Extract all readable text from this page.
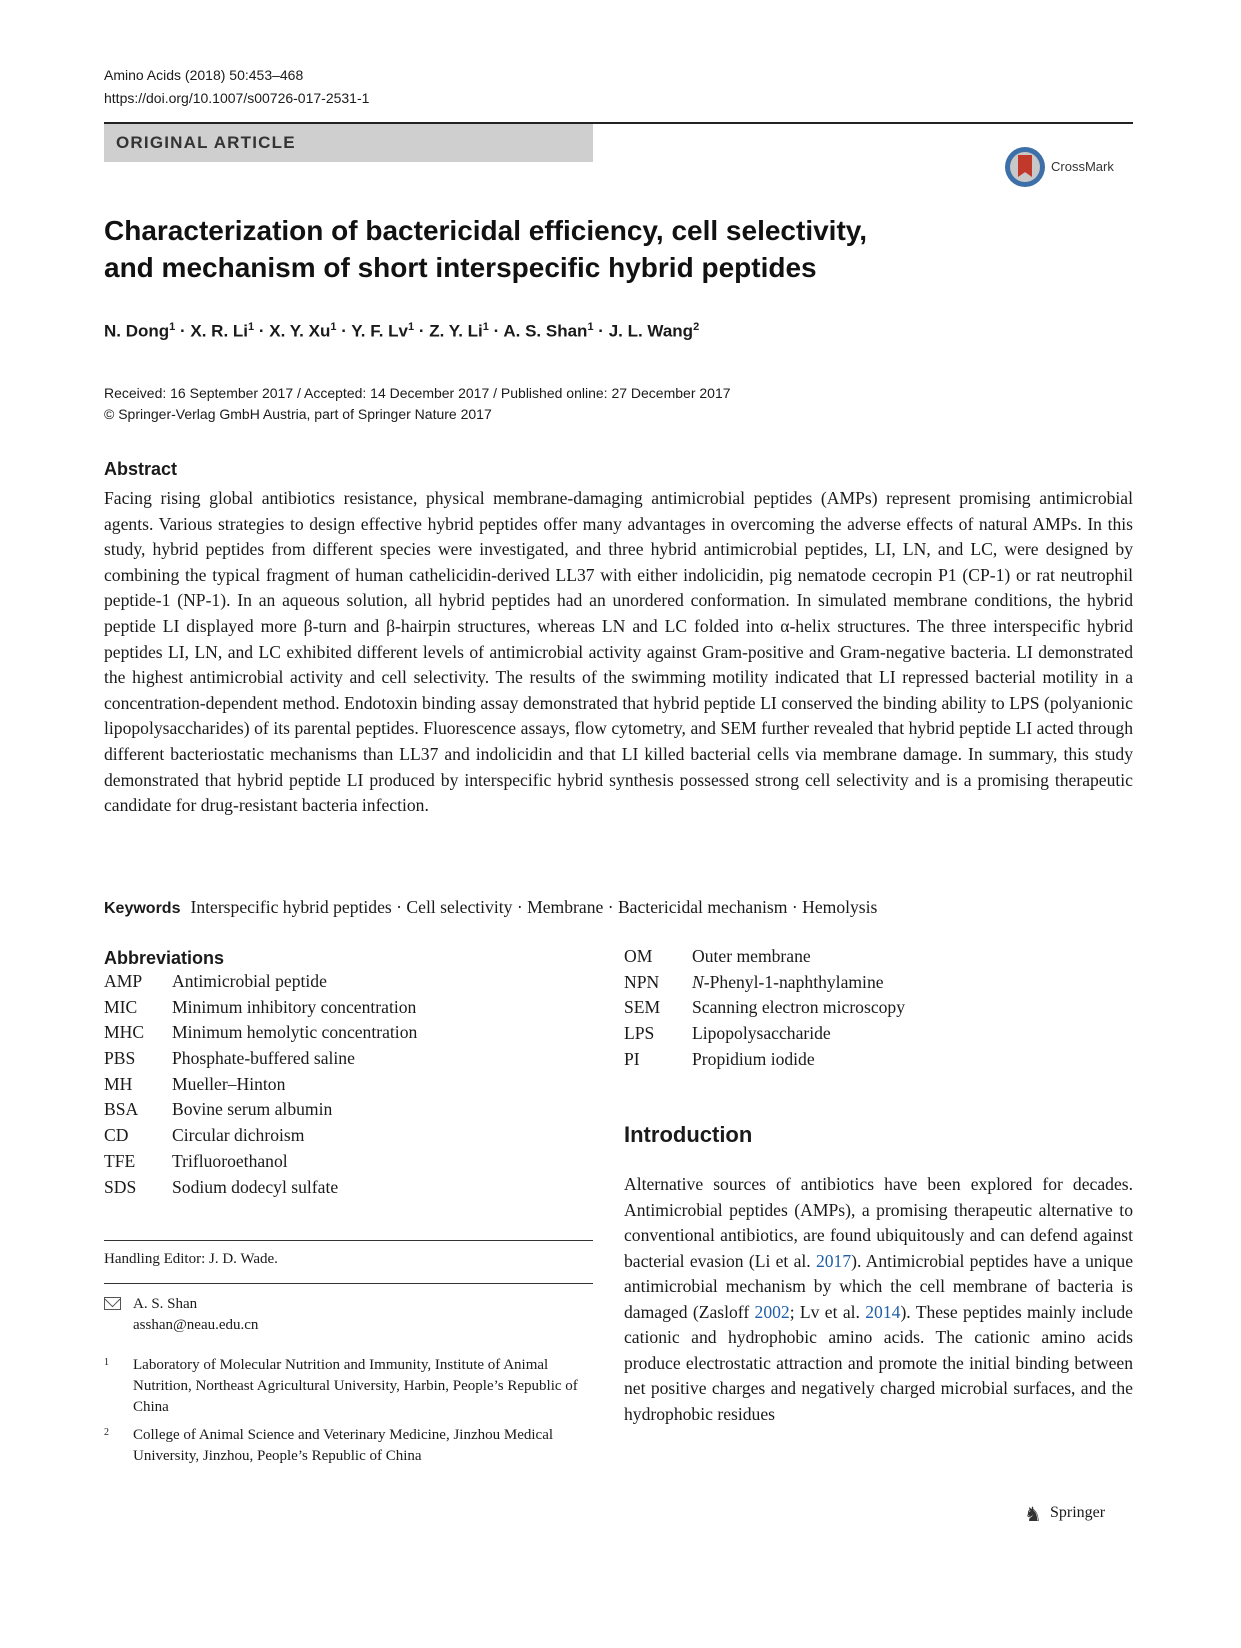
Amino Acids (2018) 50:453–468
https://doi.org/10.1007/s00726-017-2531-1
ORIGINAL ARTICLE
CrossMark
Characterization of bactericidal efficiency, cell selectivity,
and mechanism of short interspecific hybrid peptides
N. Dong$^1$ · X. R. $Li^1 \cdot X$. Y. $Xu^1 \cdot Y$. F. $Lv^1 \cdot Z$. Y. $Li^1 \cdot A$. S. Shan$^1$ · J. L. Wang$^2$
Received: 16 September 2017 / Accepted: 14 December 2017 / Published online: 27 December 2017
© Springer-Verlag GmbH Austria, part of Springer Nature 2017
Abstract
Facing rising global antibiotics resistance, physical membrane-damaging antimicrobial peptides (AMPs) represent promising antimicrobial agents. Various strategies to design effective hybrid peptides offer many advantages in overcoming the adverse effects of natural AMPs. In this study, hybrid peptides from different species were investigated, and three hybrid antimicrobial peptides, LI, LN, and LC, were designed by combining the typical fragment of human cathelicidin-derived LL37 with either indolicidin, pig nematode cecropin P1 (CP-1) or rat neutrophil peptide-1 (NP-1). In an aqueous solution, all hybrid peptides had an unordered conformation. In simulated membrane conditions, the hybrid peptide LI displayed more β-turn and β-hairpin structures, whereas LN and LC folded into α-helix structures. The three interspecific hybrid peptides LI, LN, and LC exhibited different levels of antimicrobial activity against Gram-positive and Gram-negative bacteria. LI demonstrated the highest antimicrobial activity and cell selectivity. The results of the swimming motility indicated that LI repressed bacterial motility in a concentration-dependent method. Endotoxin binding assay demonstrated that hybrid peptide LI conserved the binding ability to LPS (polyanionic lipopolysaccharides) of its parental peptides. Fluorescence assays, flow cytometry, and SEM further revealed that hybrid peptide LI acted through different bacteriostatic mechanisms than LL37 and indolicidin and that LI killed bacterial cells via membrane damage. In summary, this study demonstrated that hybrid peptide LI produced by interspecific hybrid synthesis possessed strong cell selectivity and is a promising therapeutic candidate for drug-resistant bacteria infection.
Keywords Interspecific hybrid peptides · Cell selectivity · Membrane · Bactericidal mechanism · Hemolysis
Abbreviations
AMP Antimicrobial peptide
MIC Minimum inhibitory concentration
MHC Minimum hemolytic concentration
PBS Phosphate-buffered saline
MH Mueller–Hinton
BSA Bovine serum albumin
CD Circular dichroism
TFE Trifluoroethanol
SDS Sodium dodecyl sulfate
OM Outer membrane
NPN N-Phenyl-1-naphthylamine
SEM Scanning electron microscopy
LPS Lipopolysaccharide
PI	Propidium iodide
Handling Editor: J. D. Wade.
A. S. Shan
asshan@neau.edu.cn
1 Laboratory of Molecular Nutrition and Immunity, Institute of Animal Nutrition, Northeast Agricultural University, Harbin, People’s Republic of China
2 College of Animal Science and Veterinary Medicine, Jinzhou Medical University, Jinzhou, People’s Republic of China
Introduction
Alternative sources of antibiotics have been explored for decades. Antimicrobial peptides (AMPs), a promising therapeutic alternative to conventional antibiotics, are found ubiquitously and can defend against bacterial evasion (Li et al. 2017). Antimicrobial peptides have a unique antimicrobial mechanism by which the cell membrane of bacteria is damaged (Zasloff 2002; Lv et al. 2014). These peptides mainly include cationic and hydrophobic amino acids. The cationic amino acids produce electrostatic attraction and promote the initial binding between net positive charges and negatively charged microbial surfaces, and the hydrophobic residues
♞ Springer
